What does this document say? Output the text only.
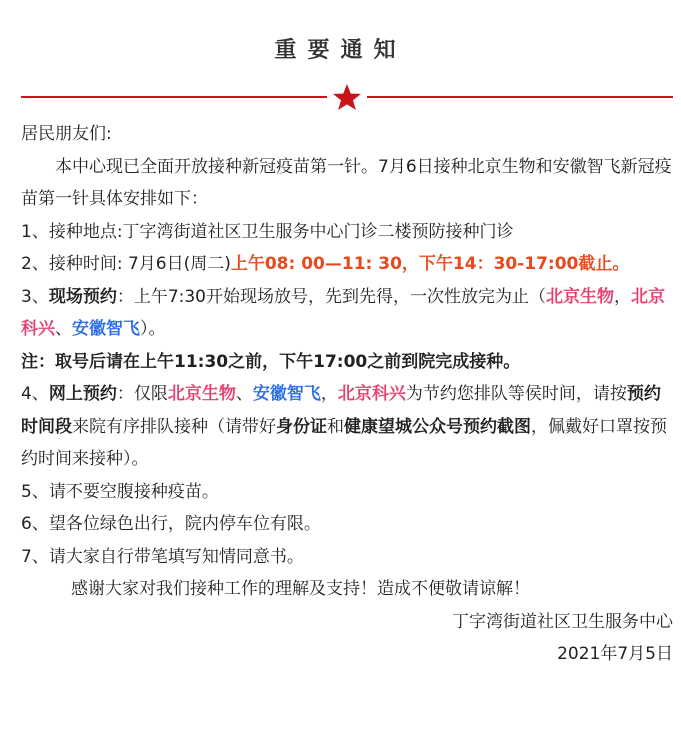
重要通知

居民朋友们:

本中心现已全面开放接种新冠疫苗第一针。7月6日接种北京生物和安徽智飞新冠疫苗第一针具体安排如下：

1、接种地点:丁字湾街道社区卫生服务中心门诊二楼预防接种门诊

2、接种时间: 7月6日(周二)上午08: 00—11: 30，下午14：30-17:00截止。

3、现场预约：上午7:30开始现场放号，先到先得，一次性放完为止（北京生物，北京科兴、安徽智飞）。

注：取号后请在上午11:30之前，下午17:00之前到院完成接种。

4、网上预约：仅限北京生物、安徽智飞，北京科兴为节约您排队等侯时间，请按预约时间段来院有序排队接种（请带好身份证和健康望城公众号预约截图，佩戴好口罩按预约时间来接种）。

5、请不要空腹接种疫苗。

6、望各位绿色出行，院内停车位有限。

7、请大家自行带笔填写知情同意书。

感谢大家对我们接种工作的理解及支持！造成不便敬请谅解！

丁字湾街道社区卫生服务中心

2021年7月5日
